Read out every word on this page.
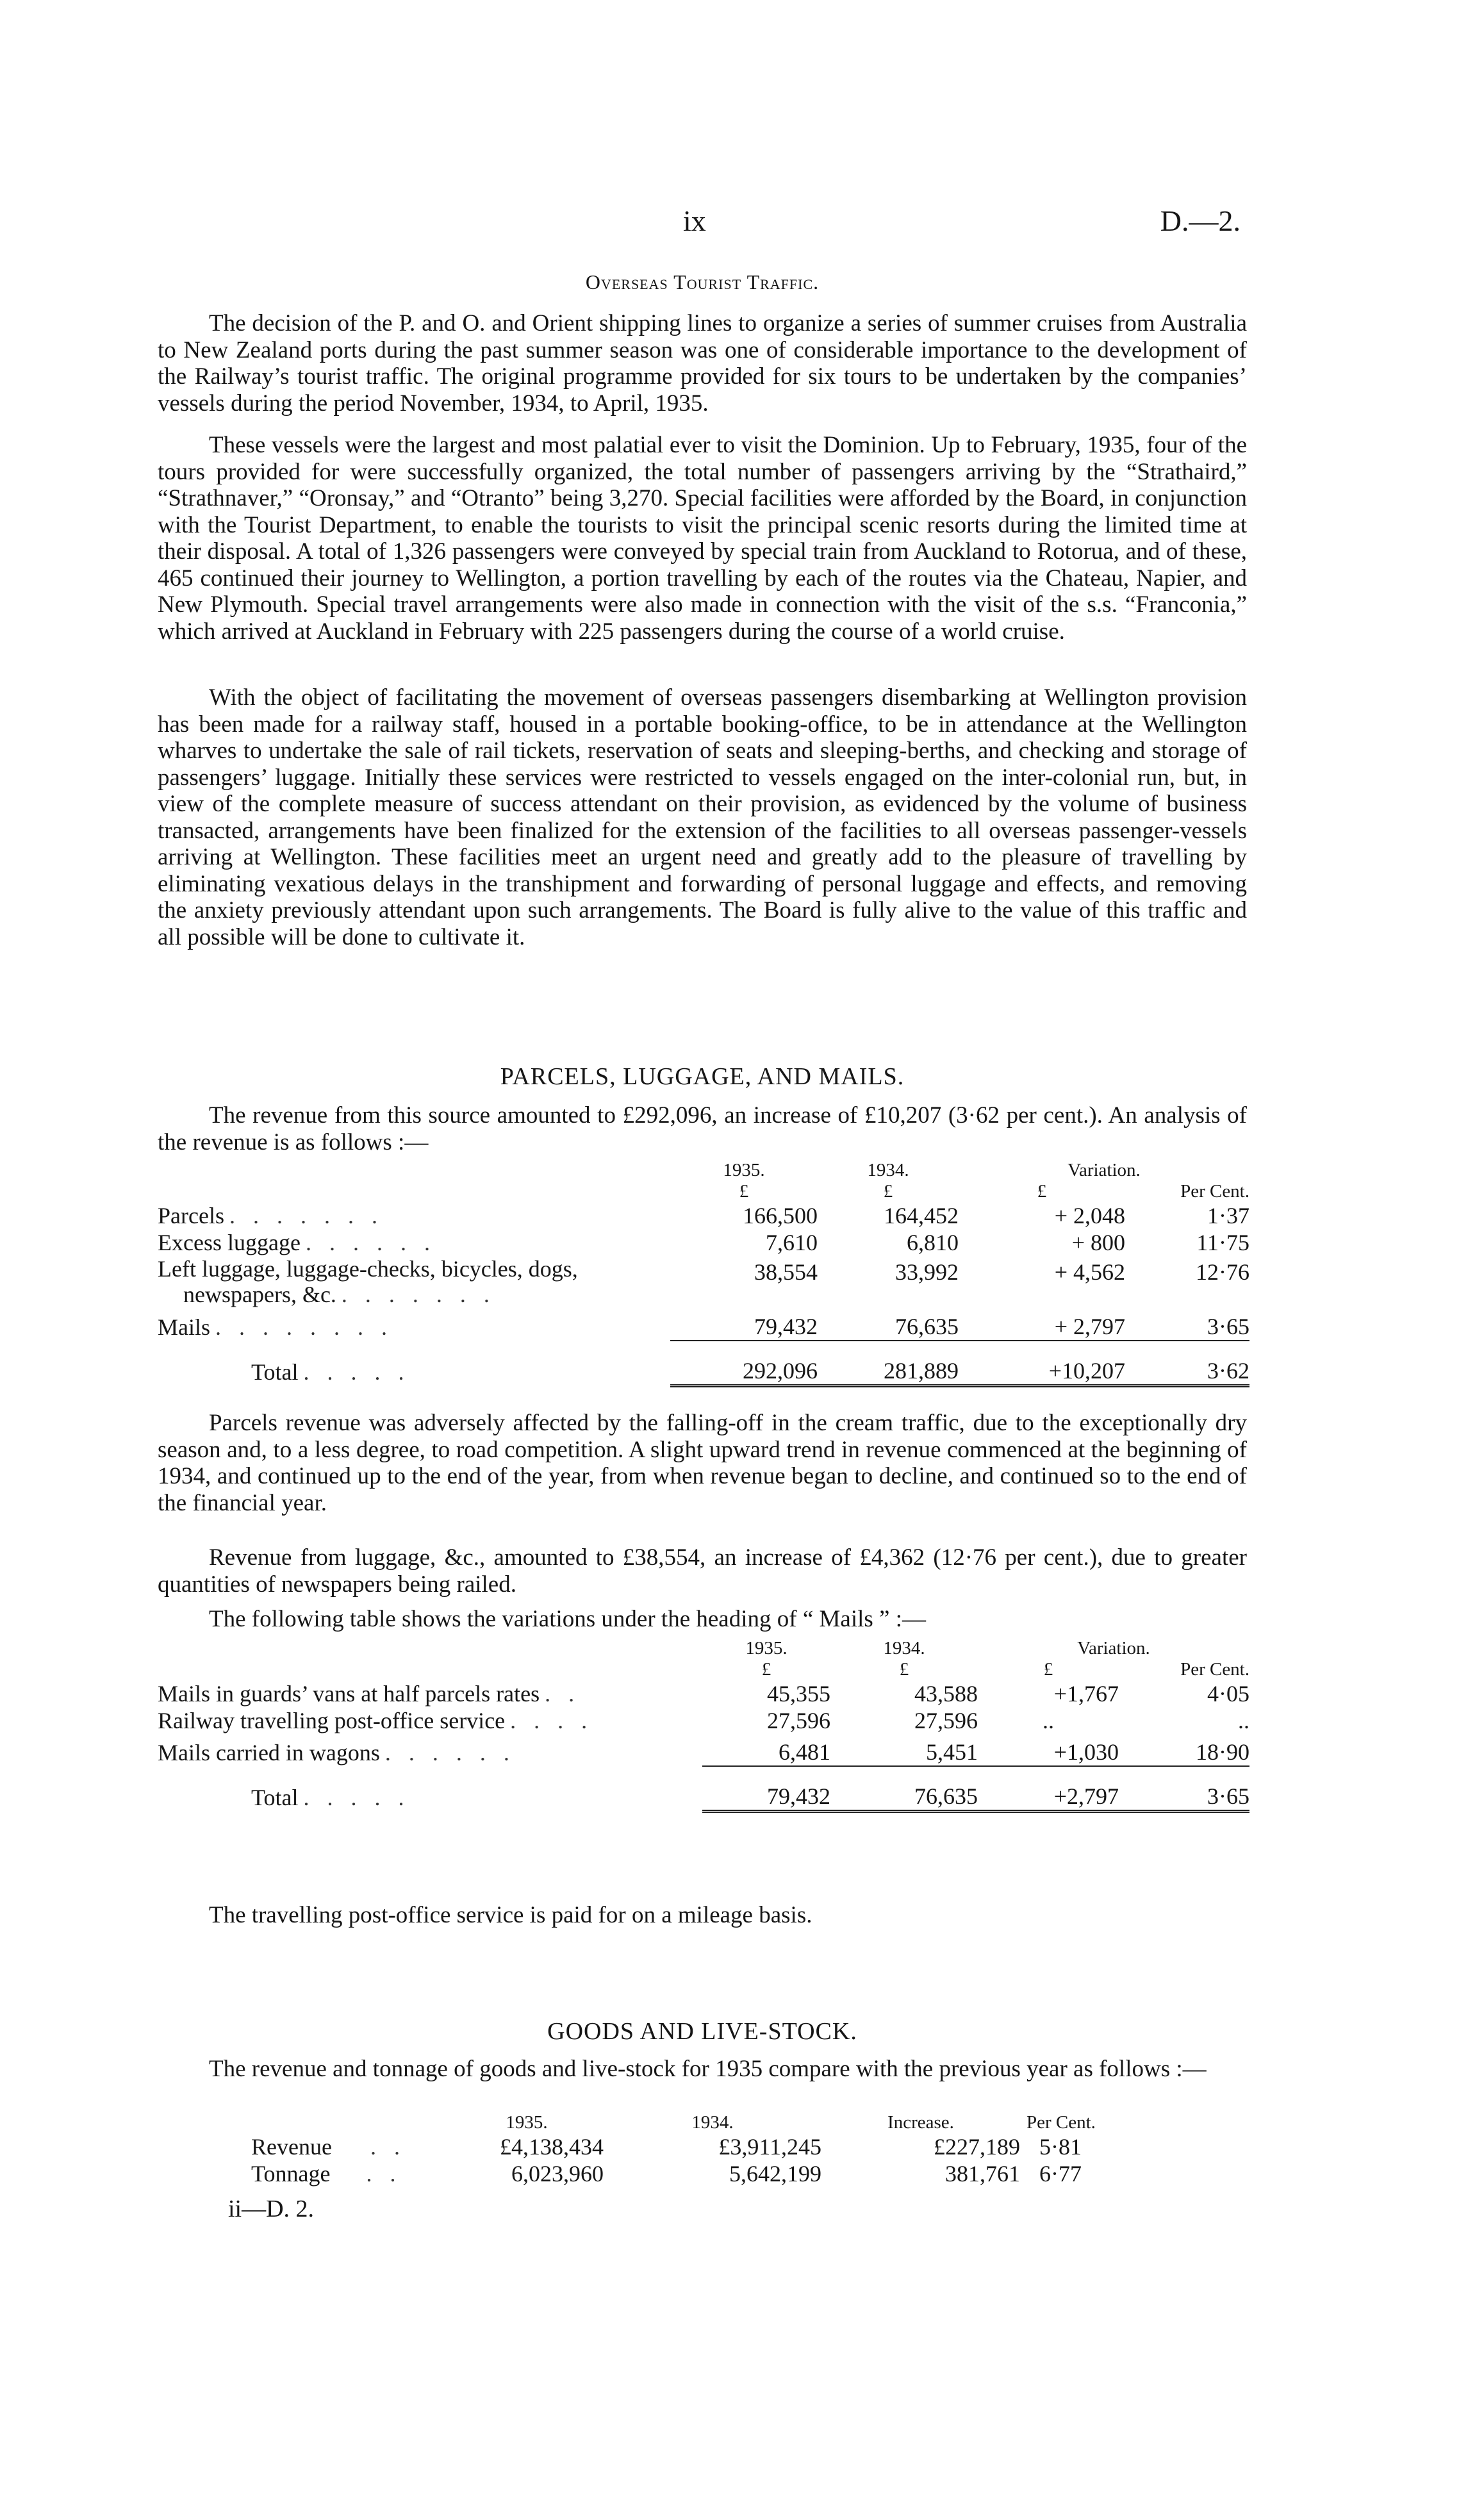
ix	D.—2.
Overseas Tourist Traffic.

The decision of the P. and O. and Orient shipping lines to organize a series of summer cruises from Australia to New Zealand ports during the past summer season was one of considerable importance to the development of the Railway’s tourist traffic. The original programme provided for six tours to be undertaken by the companies’ vessels during the period November, 1934, to April, 1935.

These vessels were the largest and most palatial ever to visit the Dominion. Up to February, 1935, four of the tours provided for were successfully organized, the total number of passengers arriving by the “Strathaird,” “Strathnaver,” “Oronsay,” and “Otranto” being 3,270. Special facilities were afforded by the Board, in conjunction with the Tourist Department, to enable the tourists to visit the principal scenic resorts during the limited time at their disposal. A total of 1,326 passengers were conveyed by special train from Auckland to Rotorua, and of these, 465 continued their journey to Wellington, a portion travelling by each of the routes via the Chateau, Napier, and New Plymouth. Special travel arrangements were also made in connection with the visit of the s.s. “Franconia,” which arrived at Auckland in February with 225 passengers during the course of a world cruise.

With the object of facilitating the movement of overseas passengers disembarking at Wellington provision has been made for a railway staff, housed in a portable booking-office, to be in attendance at the Wellington wharves to undertake the sale of rail tickets, reservation of seats and sleeping-berths, and checking and storage of passengers’ luggage. Initially these services were restricted to vessels engaged on the inter-colonial run, but, in view of the complete measure of success attendant on their provision, as evidenced by the volume of business transacted, arrangements have been finalized for the extension of the facilities to all overseas passenger-vessels arriving at Wellington. These facilities meet an urgent need and greatly add to the pleasure of travelling by eliminating vexatious delays in the transhipment and forwarding of personal luggage and effects, and removing the anxiety previously attendant upon such arrangements. The Board is fully alive to the value of this traffic and all possible will be done to cultivate it.

PARCELS, LUGGAGE, AND MAILS.

The revenue from this source amounted to £292,096, an increase of £10,207 (3·62 per cent.). An analysis of the revenue is as follows :—

	1935.	1934.	Variation.	
	£	£	£	Per Cent.
Parcels .......	166,500	164,452	+ 2,048	1·37
Excess luggage ......	7,610	6,810	+ 800	11·75

Left luggage, luggage-checks, bicycles, dogs,
newspapers, &c. .......	38,554	33,992	+ 4,562	12·76
Mails ........	79,432	76,635	+ 2,797	3·65
Total .....	292,096	281,889	+10,207	3·62

Parcels revenue was adversely affected by the falling-off in the cream traffic, due to the exceptionally dry season and, to a less degree, to road competition. A slight upward trend in revenue commenced at the beginning of 1934, and continued up to the end of the year, from when revenue began to decline, and continued so to the end of the financial year.

Revenue from luggage, &c., amounted to £38,554, an increase of £4,362 (12·76 per cent.), due to greater quantities of newspapers being railed.

The following table shows the variations under the heading of “ Mails ” :—

	1935.	1934.	Variation.	
	£	£	£	Per Cent.
Mails in guards’ vans at half parcels rates ..	45,355	43,588	+1,767	4·05
Railway travelling post-office service ....	27,596	27,596	..	..
Mails carried in wagons ......	6,481	5,451	+1,030	18·90
Total .....	79,432	76,635	+2,797	3·65

The travelling post-office service is paid for on a mileage basis.

GOODS AND LIVE-STOCK.

The revenue and tonnage of goods and live-stock for 1935 compare with the previous year as follows :—

	1935.	1934.	Increase.	Per Cent.
Revenue ..	£4,138,434	£3,911,245	£227,189	5·81
Tonnage ..	6,023,960	5,642,199	381,761	6·77
ii—D. 2.
